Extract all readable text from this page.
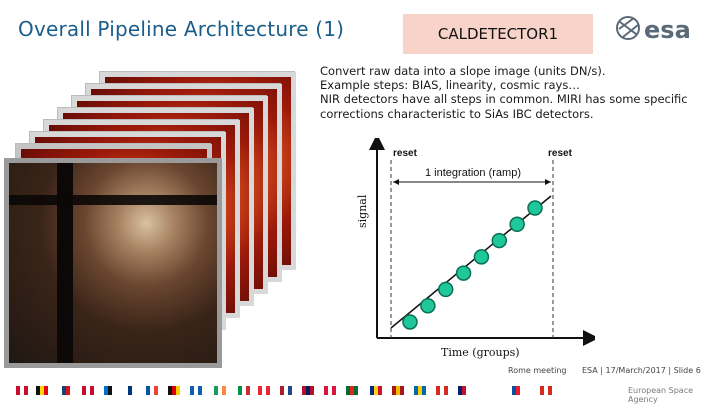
Overall Pipeline Architecture (1)	CALDETECTOR1	esa
Convert raw data into a slope image (units DN/s).
Example steps: BIAS, linearity, cosmic rays…
NIR detectors have all steps in common. MIRI has some specific
corrections characteristic to SiAs IBC detectors.
reset	reset
1 integration (ramp)
signal
Time (groups)
Rome meeting ESA | 17/March/2017 | Slide 6
European Space Agency
